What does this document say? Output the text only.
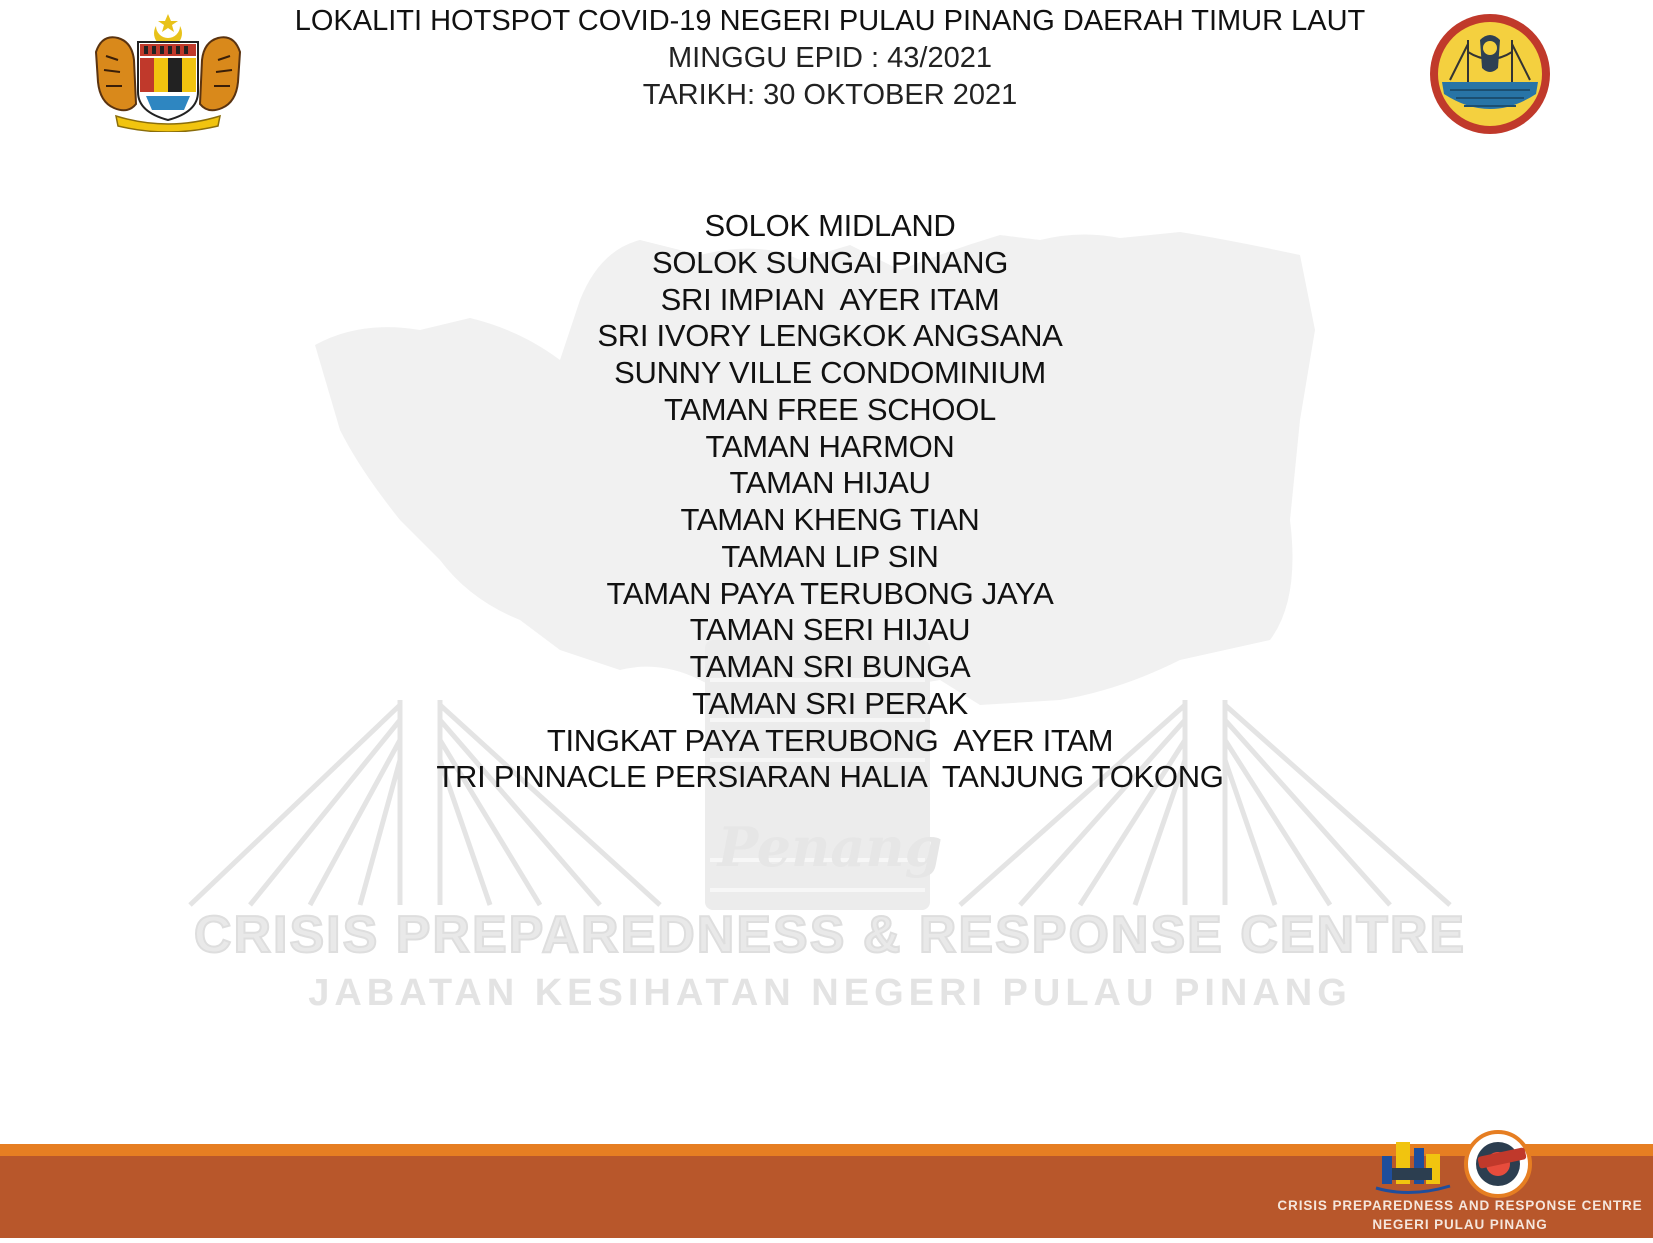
Penang
CRISIS PREPAREDNESS & RESPONSE CENTRE
JABATAN KESIHATAN NEGERI PULAU PINANG
LOKALITI HOTSPOT COVID-19 NEGERI PULAU PINANG DAERAH TIMUR LAUT
MINGGU EPID : 43/2021
TARIKH: 30 OKTOBER 2021
SOLOK MIDLAND
SOLOK SUNGAI PINANG
SRI IMPIAN  AYER ITAM
SRI IVORY LENGKOK ANGSANA
SUNNY VILLE CONDOMINIUM
TAMAN FREE SCHOOL
TAMAN HARMON
TAMAN HIJAU
TAMAN KHENG TIAN
TAMAN LIP SIN
TAMAN PAYA TERUBONG JAYA
TAMAN SERI HIJAU
TAMAN SRI BUNGA
TAMAN SRI PERAK
TINGKAT PAYA TERUBONG  AYER ITAM
TRI PINNACLE PERSIARAN HALIA  TANJUNG TOKONG
CRISIS PREPAREDNESS AND RESPONSE CENTRE
NEGERI PULAU PINANG
